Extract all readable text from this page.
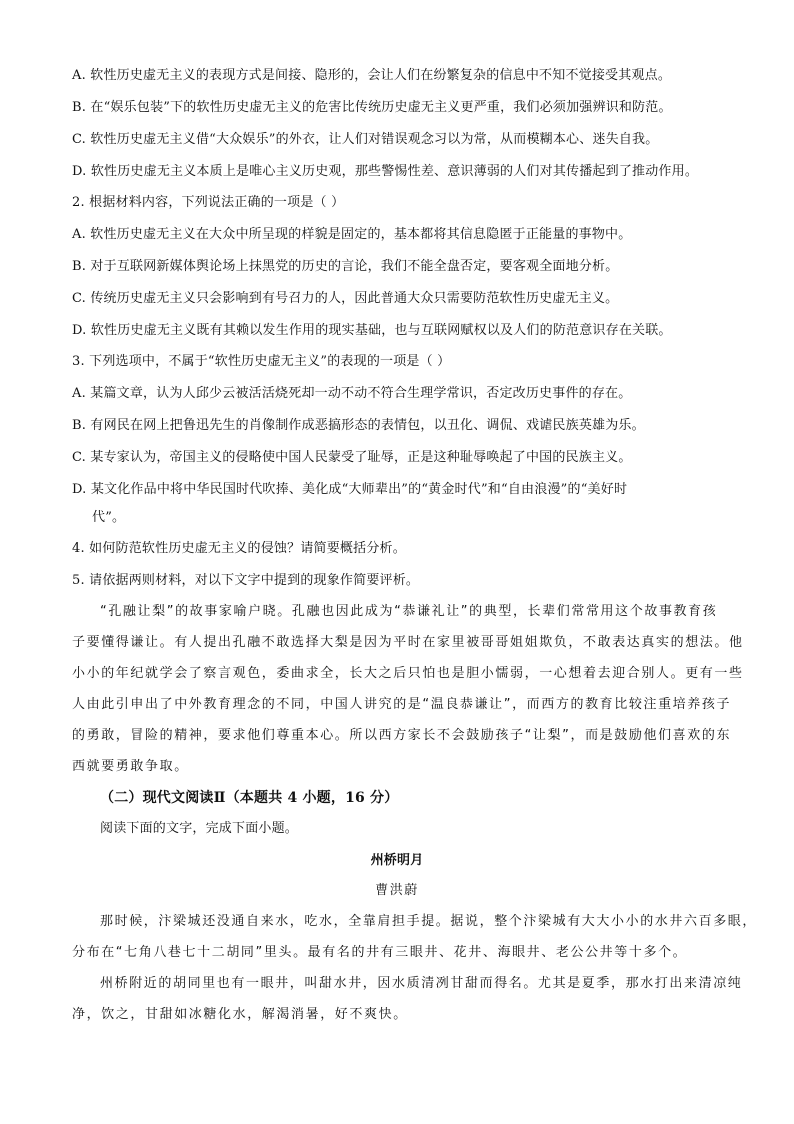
A. 软性历史虚无主义的表现方式是间接、隐形的，会让人们在纷繁复杂的信息中不知不觉接受其观点。
B. 在“娱乐包装”下的软性历史虚无主义的危害比传统历史虚无主义更严重，我们必须加强辨识和防范。
C. 软性历史虚无主义借“大众娱乐”的外衣，让人们对错误观念习以为常，从而模糊本心、迷失自我。
D. 软性历史虚无主义本质上是唯心主义历史观，那些警惕性差、意识薄弱的人们对其传播起到了推动作用。
2. 根据材料内容，下列说法正确的一项是（ ）
A. 软性历史虚无主义在大众中所呈现的样貌是固定的，基本都将其信息隐匿于正能量的事物中。
B. 对于互联网新媒体舆论场上抹黑党的历史的言论，我们不能全盘否定，要客观全面地分析。
C. 传统历史虚无主义只会影响到有号召力的人，因此普通大众只需要防范软性历史虚无主义。
D. 软性历史虚无主义既有其赖以发生作用的现实基础，也与互联网赋权以及人们的防范意识存在关联。
3. 下列选项中，不属于“软性历史虚无主义”的表现的一项是（ ）
A. 某篇文章，认为人邱少云被活活烧死却一动不动不符合生理学常识，否定改历史事件的存在。
B. 有网民在网上把鲁迅先生的肖像制作成恶搞形态的表情包，以丑化、调侃、戏谑民族英雄为乐。
C. 某专家认为，帝国主义的侵略使中国人民蒙受了耻辱，正是这种耻辱唤起了中国的民族主义。
D. 某文化作品中将中华民国时代吹捧、美化成“大师辈出”的“黄金时代”和“自由浪漫”的“美好时
代”。
4. 如何防范软性历史虚无主义的侵蚀？请简要概括分析。
5. 请依据两则材料，对以下文字中提到的现象作简要评析。
“孔融让梨”的故事家喻户晓。孔融也因此成为“恭谦礼让”的典型，长辈们常常用这个故事教育孩
子要懂得谦让。有人提出孔融不敢选择大梨是因为平时在家里被哥哥姐姐欺负，不敢表达真实的想法。他
小小的年纪就学会了察言观色，委曲求全，长大之后只怕也是胆小懦弱，一心想着去迎合别人。更有一些
人由此引申出了中外教育理念的不同，中国人讲究的是“温良恭谦让”，而西方的教育比较注重培养孩子
的勇敢，冒险的精神，要求他们尊重本心。所以西方家长不会鼓励孩子“让梨”，而是鼓励他们喜欢的东
西就要勇敢争取。
（二）现代文阅读Ⅱ（本题共 4 小题，16 分）
阅读下面的文字，完成下面小题。
州桥明月
曹洪蔚
那时候，汴梁城还没通自来水，吃水，全靠肩担手提。据说，整个汴梁城有大大小小的水井六百多眼，
分布在“七角八巷七十二胡同”里头。最有名的井有三眼井、花井、海眼井、老公公井等十多个。
州桥附近的胡同里也有一眼井，叫甜水井，因水质清冽甘甜而得名。尤其是夏季，那水打出来清凉纯
净，饮之，甘甜如冰糖化水，解渴消暑，好不爽快。
